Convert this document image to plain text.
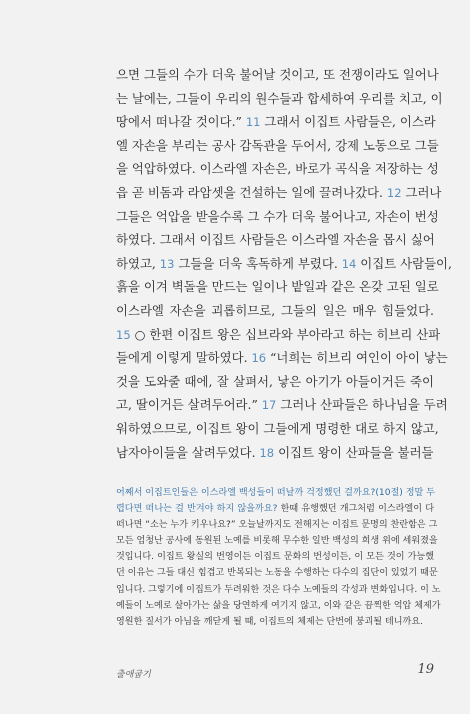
으면 그들의 수가 더욱 불어날 것이고, 또 전쟁이라도 일어나
는 날에는, 그들이 우리의 원수들과 합세하여 우리를 치고, 이
땅에서 떠나갈 것이다.” 11 그래서 이집트 사람들은, 이스라
엘 자손을 부리는 공사 감독관을 두어서, 강제 노동으로 그들
을 억압하였다. 이스라엘 자손은, 바로가 곡식을 저장하는 성
읍 곧 비돔과 라암셋을 건설하는 일에 끌려나갔다. 12 그러나
그들은 억압을 받을수록 그 수가 더욱 불어나고, 자손이 번성
하였다. 그래서 이집트 사람들은 이스라엘 자손을 몹시 싫어
하였고, 13 그들을 더욱 혹독하게 부렸다. 14 이집트 사람들이,
흙을 이겨 벽돌을 만드는 일이나 밭일과 같은 온갖 고된 일로
이스라엘 자손을 괴롭히므로, 그들의 일은 매우 힘들었다.
15 ○ 한편 이집트 왕은 십브라와 부아라고 하는 히브리 산파
들에게 이렇게 말하였다. 16 “너희는 히브리 여인이 아이 낳는
것을 도와줄 때에, 잘 살펴서, 낳은 아기가 아들이거든 죽이
고, 딸이거든 살려두어라.” 17 그러나 산파들은 하나님을 두려
워하였으므로, 이집트 왕이 그들에게 명령한 대로 하지 않고,
남자아이들을 살려두었다. 18 이집트 왕이 산파들을 불러들
어째서 이집트인들은 이스라엘 백성들이 떠날까 걱정했던 걸까요?(10절) 정말 두
렵다면 떠나는 걸 반겨야 하지 않을까요? 한때 유행했던 개그처럼 이스라엘이 다
떠나면 “소는 누가 키우나요?” 오늘날까지도 전해지는 이집트 문명의 찬란함은 그
모든 엄청난 공사에 동원된 노예를 비롯해 무수한 일반 백성의 희생 위에 세워졌을
것입니다. 이집트 왕실의 번영이든 이집트 문화의 번성이든, 이 모든 것이 가능했
던 이유는 그들 대신 힘겹고 반복되는 노동을 수행하는 다수의 집단이 있었기 때문
입니다. 그렇기에 이집트가 두려워한 것은 다수 노예들의 각성과 변화입니다. 이 노
예들이 노예로 살아가는 삶을 당연하게 여기지 않고, 이와 같은 끔찍한 억압 체제가
영원한 질서가 아님을 깨닫게 될 때, 이집트의 체제는 단번에 붕괴될 테니까요.
출애굽기	19
